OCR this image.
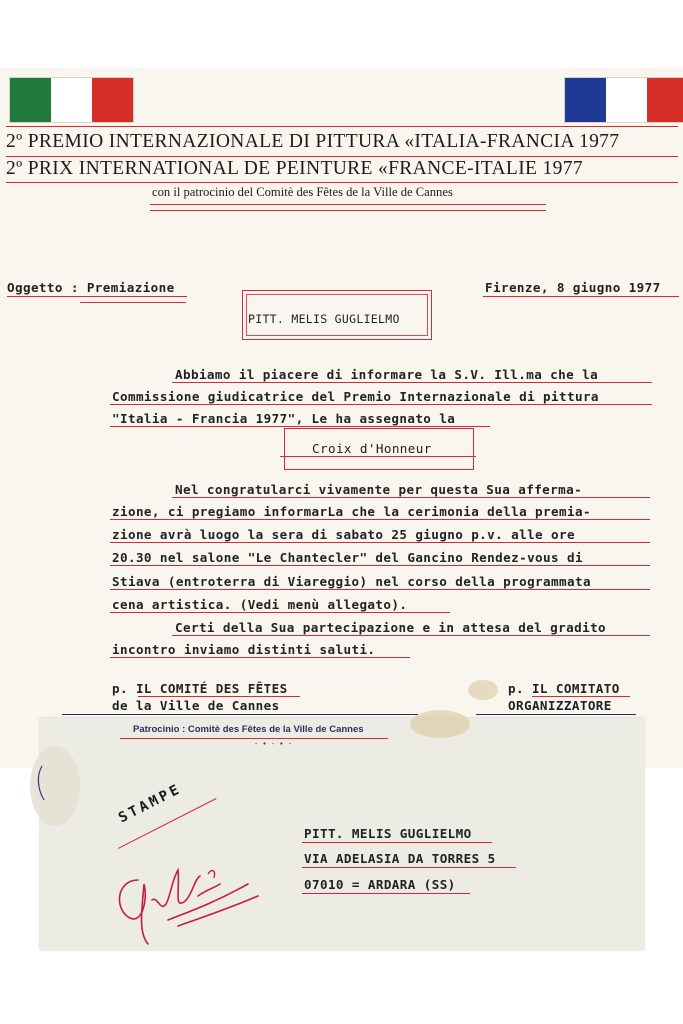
2º PREMIO INTERNAZIONALE DI PITTURA «ITALIA-FRANCIA 1977
2º PRIX INTERNATIONAL DE PEINTURE «FRANCE-ITALIE 1977
con il patrocinio del Comitè des Fêtes de la Ville de Cannes
Oggetto : Premiazione	Firenze, 8 giugno 1977
PITT. MELIS GUGLIELMO
Abbiamo il piacere di informare la S.V. Ill.ma che la
Commissione giudicatrice del Premio Internazionale di pittura
"Italia - Francia 1977", Le ha assegnato la
Croix d'Honneur
Nel congratularci vivamente per questa Sua afferma-
zione, ci pregiamo informarLa che la cerimonia della premia-
zione avrà luogo la sera di sabato 25 giugno p.v. alle ore
20.30 nel salone "Le Chantecler" del Gancino Rendez-vous di
Stiava (entroterra di Viareggio) nel corso della programmata
cena artistica. (Vedi menù allegato).
Certi della Sua partecipazione e in attesa del gradito
incontro inviamo distinti saluti.
p. IL COMITÉ DES FÊTES
de la Ville de Cannes
p. IL COMITATO
ORGANIZZATORE
Patrocinio : Comitè des Fêtes de la Ville de Cannes
- • - • -
STAMPE
PITT. MELIS GUGLIELMO
VIA ADELASIA DA TORRES 5
07010 = ARDARA (SS)
